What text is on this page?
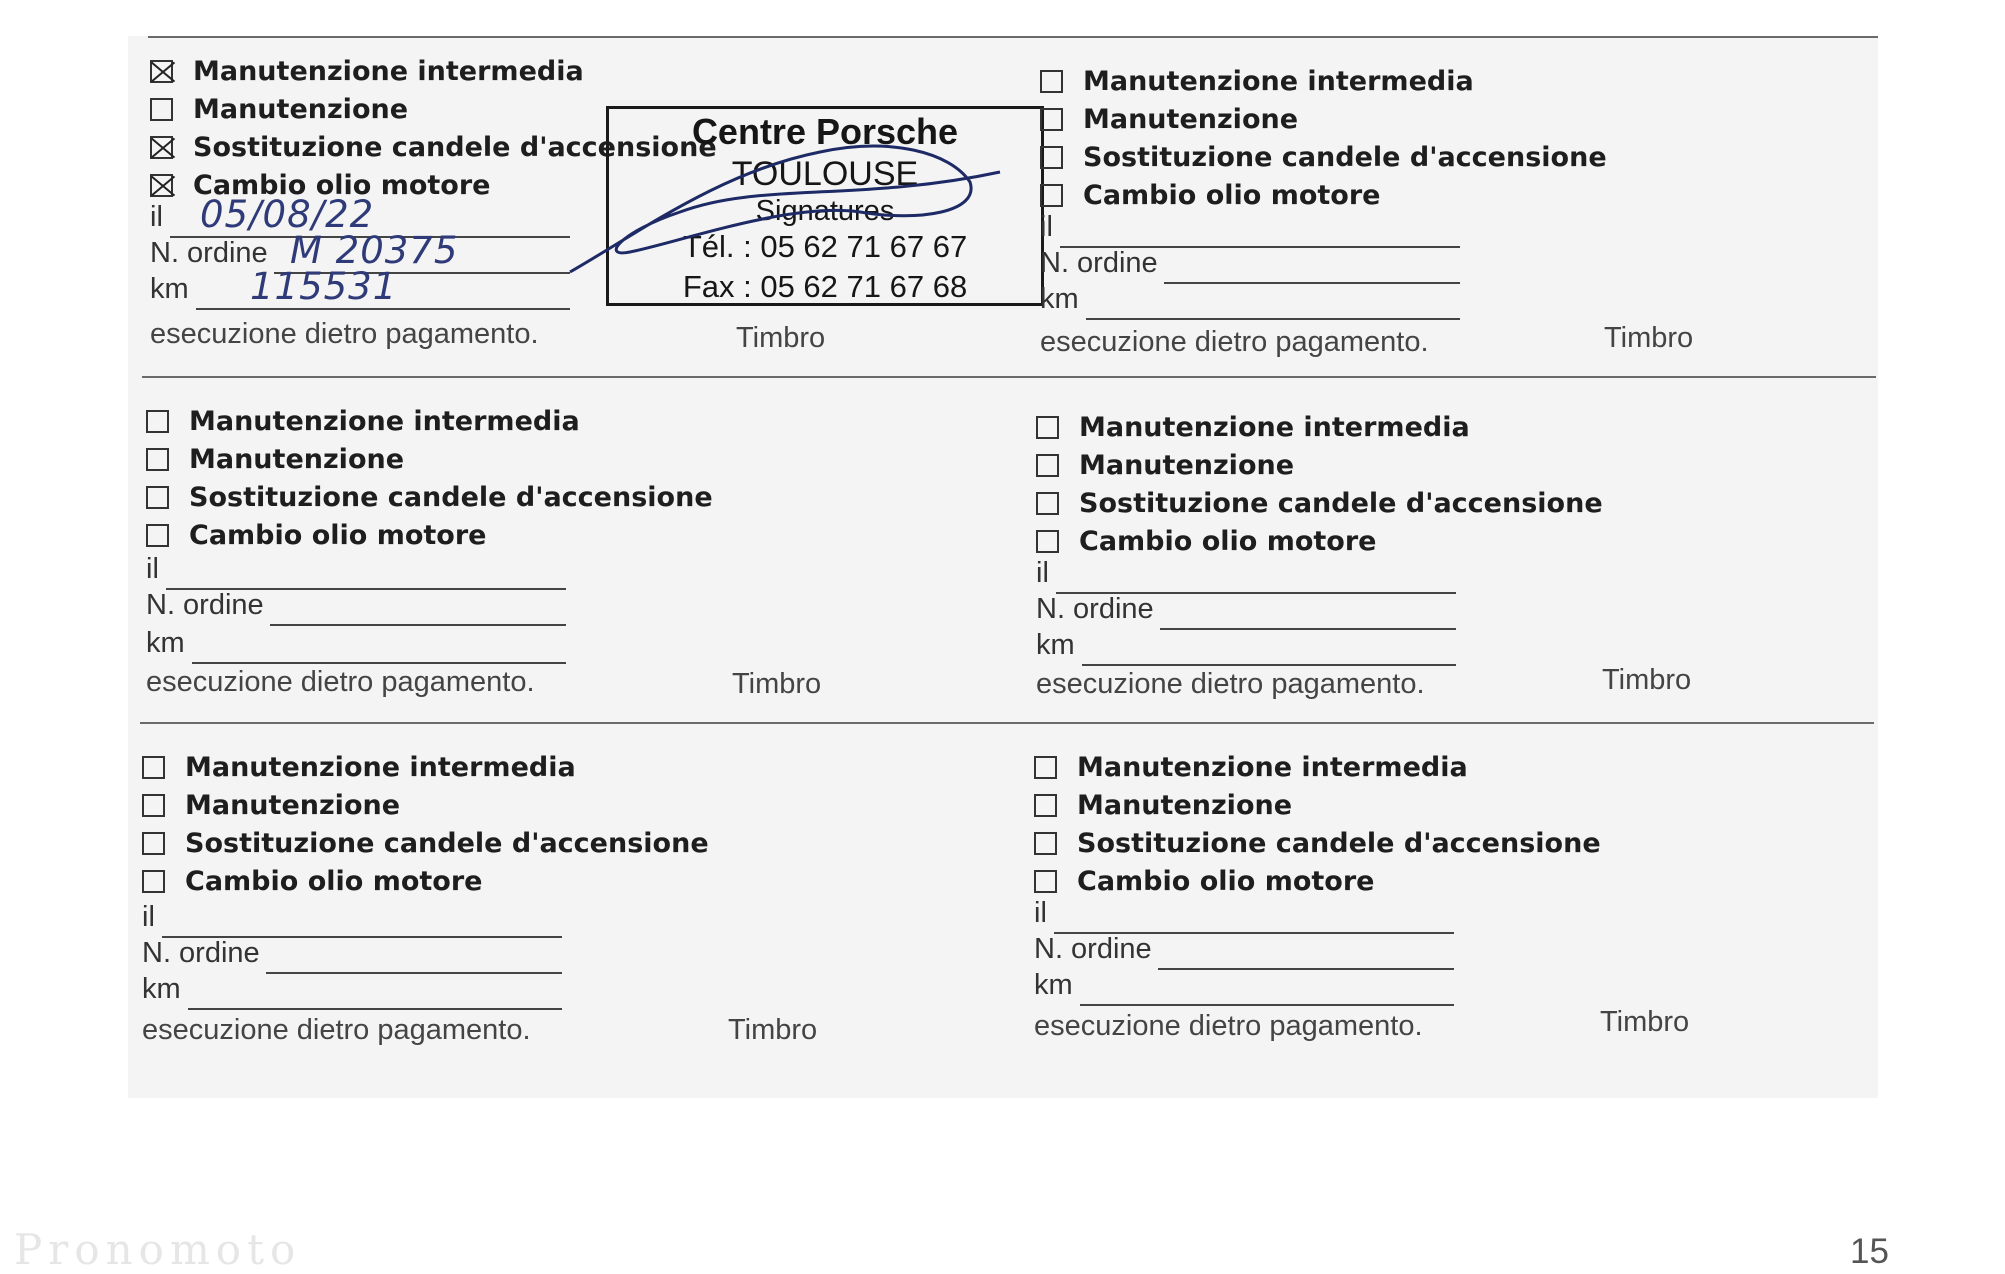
Manutenzione intermedia
Manutenzione
Sostituzione candele d'accensione
Cambio olio motore
il 05/08/22
N. ordine M 20375
km 115531
esecuzione dietro pagamento.	Timbro
Centre Porsche
TOULOUSE
Signatures
Tél. : 05 62 71 67 67
Fax : 05 62 71 67 68
Manutenzione intermedia
Manutenzione
Sostituzione candele d'accensione
Cambio olio motore
il
N. ordine
km
esecuzione dietro pagamento.	Timbro
Manutenzione intermedia
Manutenzione
Sostituzione candele d'accensione
Cambio olio motore
il
N. ordine
km
esecuzione dietro pagamento.	Timbro
Manutenzione intermedia
Manutenzione
Sostituzione candele d'accensione
Cambio olio motore
il
N. ordine
km
esecuzione dietro pagamento.	Timbro
Manutenzione intermedia
Manutenzione
Sostituzione candele d'accensione
Cambio olio motore
il
N. ordine
km
esecuzione dietro pagamento.	Timbro
Manutenzione intermedia
Manutenzione
Sostituzione candele d'accensione
Cambio olio motore
il
N. ordine
km
esecuzione dietro pagamento.	Timbro
15
Pronomoto
